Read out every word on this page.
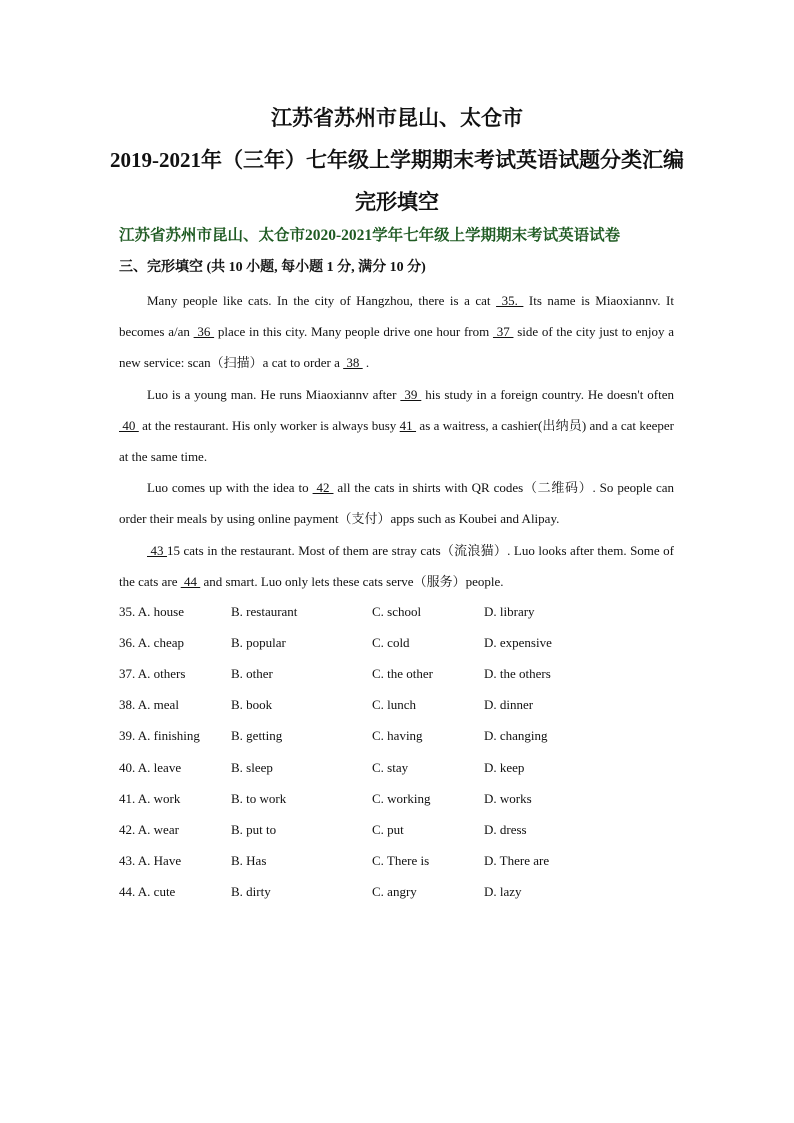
江苏省苏州市昆山、太仓市
2019-2021年（三年）七年级上学期期末考试英语试题分类汇编
完形填空
江苏省苏州市昆山、太仓市2020-2021学年七年级上学期期末考试英语试卷
三、完形填空 (共 10 小题, 每小题 1 分, 满分 10 分)

Many people like cats. In the city of Hangzhou, there is a cat  35.  Its name is Miaoxiannv. It becomes a/an  36  place in this city. Many people drive one hour from  37  side of the city just to enjoy a new service: scan（扫描）a cat to order a  38  .

Luo is a young man. He runs Miaoxiannv after  39  his study in a foreign country. He doesn't often  40  at the restaurant. His only worker is always busy 41  as a waitress, a cashier(出纳员) and a cat keeper at the same time.

Luo comes up with the idea to  42  all the cats in shirts with QR codes（二维码）. So people can order their meals by using online payment（支付）apps such as Koubei and Alipay.

43 15 cats in the restaurant. Most of them are stray cats（流浪猫）. Luo looks after them. Some of the cats are  44  and smart. Luo only lets these cats serve（服务）people.

35. A. house	B. restaurant	C. school	D. library
36. A. cheap	B. popular	C. cold	D. expensive
37. A. others	B. other	C. the other	D. the others
38. A. meal	B. book	C. lunch	D. dinner
39. A. finishing	B. getting	C. having	D. changing
40. A. leave	B. sleep	C. stay	D. keep
41. A. work	B. to work	C. working	D. works
42. A. wear	B. put to	C. put	D. dress
43. A. Have	B. Has	C. There is	D. There are
44. A. cute	B. dirty	C. angry	D. lazy
